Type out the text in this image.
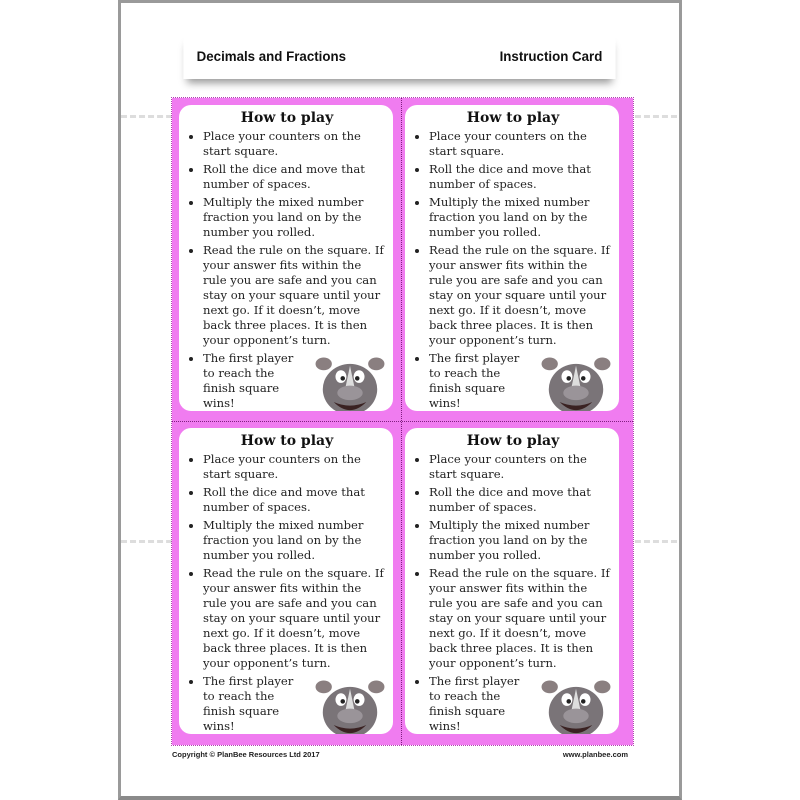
Decimals and Fractions	Instruction Card
How to play
• Place your counters on the start square.
• Roll the dice and move that number of spaces.
• Multiply the mixed number fraction you land on by the number you rolled.
• Read the rule on the square. If your answer fits within the rule you are safe and you can stay on your square until your next go. If it doesn’t, move back three places. It is then your opponent’s turn.
• The first player to reach the finish square wins!
How to play
• Place your counters on the start square.
• Roll the dice and move that number of spaces.
• Multiply the mixed number fraction you land on by the number you rolled.
• Read the rule on the square. If your answer fits within the rule you are safe and you can stay on your square until your next go. If it doesn’t, move back three places. It is then your opponent’s turn.
• The first player to reach the finish square wins!
How to play
• Place your counters on the start square.
• Roll the dice and move that number of spaces.
• Multiply the mixed number fraction you land on by the number you rolled.
• Read the rule on the square. If your answer fits within the rule you are safe and you can stay on your square until your next go. If it doesn’t, move back three places. It is then your opponent’s turn.
• The first player to reach the finish square wins!
How to play
• Place your counters on the start square.
• Roll the dice and move that number of spaces.
• Multiply the mixed number fraction you land on by the number you rolled.
• Read the rule on the square. If your answer fits within the rule you are safe and you can stay on your square until your next go. If it doesn’t, move back three places. It is then your opponent’s turn.
• The first player to reach the finish square wins!
Copyright © PlanBee Resources Ltd 2017	www.planbee.com
